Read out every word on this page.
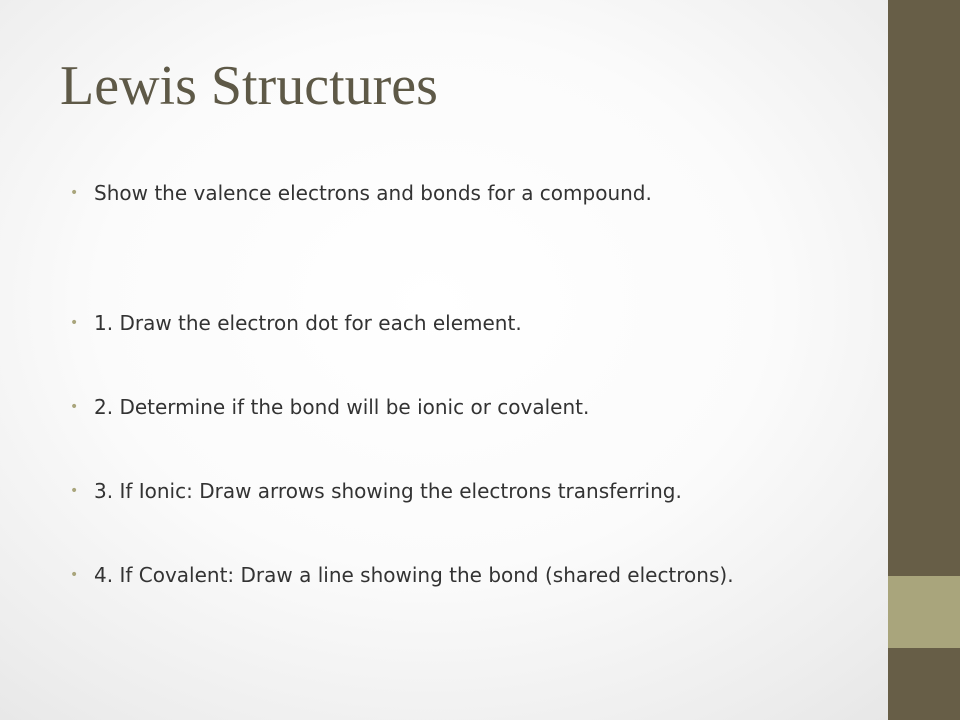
Lewis Structures
• Show the valence electrons and bonds for a compound.
• 1. Draw the electron dot for each element.
• 2. Determine if the bond will be ionic or covalent.
• 3. If Ionic: Draw arrows showing the electrons transferring.
• 4. If Covalent: Draw a line showing the bond (shared electrons).
